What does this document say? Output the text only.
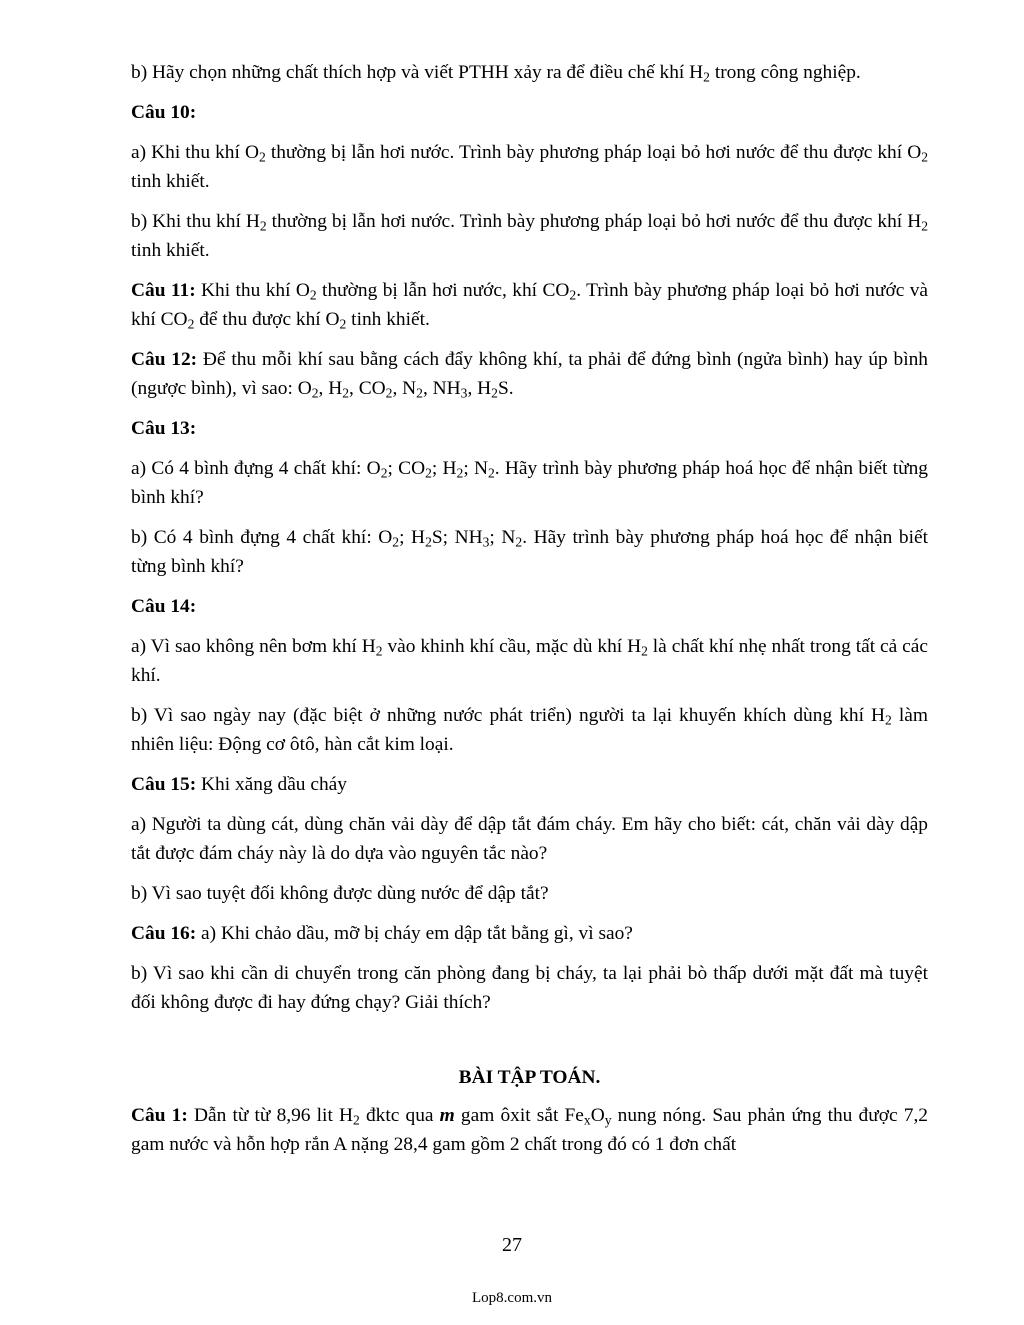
b) Hãy chọn những chất thích hợp và viết PTHH xảy ra để điều chế khí $H_2$ trong công nghiệp.

Câu 10:

a) Khi thu khí $O_2$ thường bị lẫn hơi nước. Trình bày phương pháp loại bỏ hơi nước để thu được khí $O_2$ tinh khiết.

b) Khi thu khí $H_2$ thường bị lẫn hơi nước. Trình bày phương pháp loại bỏ hơi nước để thu được khí $H_2$ tinh khiết.

Câu 11: Khi thu khí $O_2$ thường bị lẫn hơi nước, khí $CO_2$. Trình bày phương pháp loại bỏ hơi nước và khí $CO_2$ để thu được khí $O_2$ tinh khiết.

Câu 12: Để thu mỗi khí sau bằng cách đẩy không khí, ta phải để đứng bình (ngửa bình) hay úp bình (ngược bình), vì sao: $O_2$, $H_2$, $CO_2$, $N_2$, $NH_3$, $H_2S$.

Câu 13:

a) Có 4 bình đựng 4 chất khí: $O_2$; $CO_2$; $H_2$; $N_2$. Hãy trình bày phương pháp hoá học để nhận biết từng bình khí?

b) Có 4 bình đựng 4 chất khí: $O_2$; $H_2S$; $NH_3$; $N_2$. Hãy trình bày phương pháp hoá học để nhận biết từng bình khí?

Câu 14:

a) Vì sao không nên bơm khí $H_2$ vào khinh khí cầu, mặc dù khí $H_2$ là chất khí nhẹ nhất trong tất cả các khí.

b) Vì sao ngày nay (đặc biệt ở những nước phát triển) người ta lại khuyến khích dùng khí $H_2$ làm nhiên liệu: Động cơ ôtô, hàn cắt kim loại.

Câu 15: Khi xăng dầu cháy

a) Người ta dùng cát, dùng chăn vải dày để dập tắt đám cháy. Em hãy cho biết: cát, chăn vải dày dập tắt được đám cháy này là do dựa vào nguyên tắc nào?

b) Vì sao tuyệt đối không được dùng nước để dập tắt?

Câu 16: a) Khi chảo dầu, mỡ bị cháy em dập tắt bằng gì, vì sao?

b) Vì sao khi cần di chuyển trong căn phòng đang bị cháy, ta lại phải bò thấp dưới mặt đất mà tuyệt đối không được đi hay đứng chạy? Giải thích?

BÀI TẬP TOÁN.

Câu 1: Dẫn từ từ 8,96 lit $H_2$ đktc qua m gam ôxit sắt $Fe_xO_y$ nung nóng. Sau phản ứng thu được 7,2 gam nước và hỗn hợp rắn A nặng 28,4 gam gồm 2 chất trong đó có 1 đơn chất

27
Lop8.com.vn
